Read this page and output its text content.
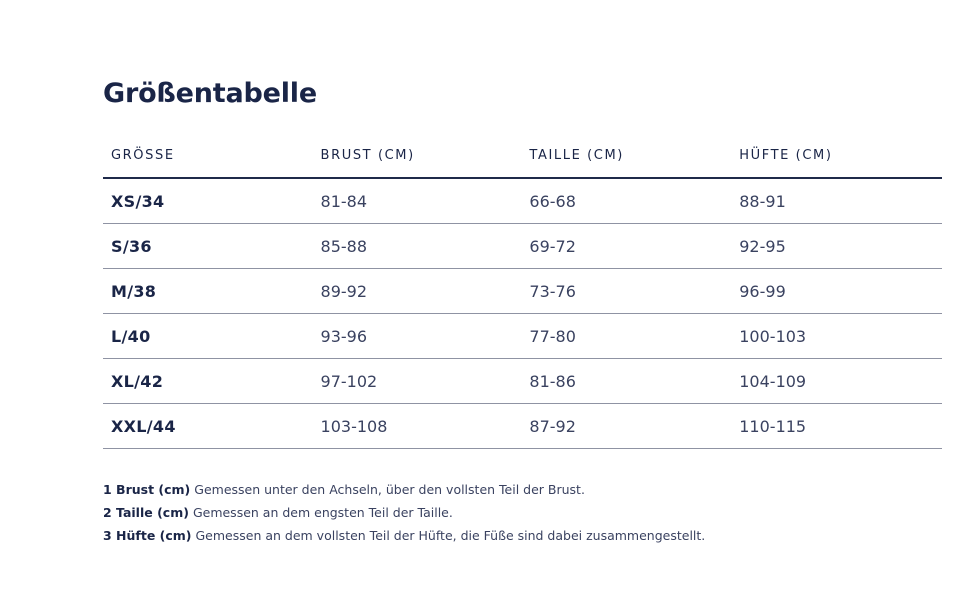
Größentabelle
GRÖSSE	BRUST (CM)	TAILLE (CM)	HÜFTE (CM)
XS/34	81-84	66-68	88-91
S/36	85-88	69-72	92-95
M/38	89-92	73-76	96-99
L/40	93-96	77-80	100-103
XL/42	97-102	81-86	104-109
XXL/44	103-108	87-92	110-115
1 Brust (cm) Gemessen unter den Achseln, über den vollsten Teil der Brust.
2 Taille (cm) Gemessen an dem engsten Teil der Taille.
3 Hüfte (cm) Gemessen an dem vollsten Teil der Hüfte, die Füße sind dabei zusammengestellt.
